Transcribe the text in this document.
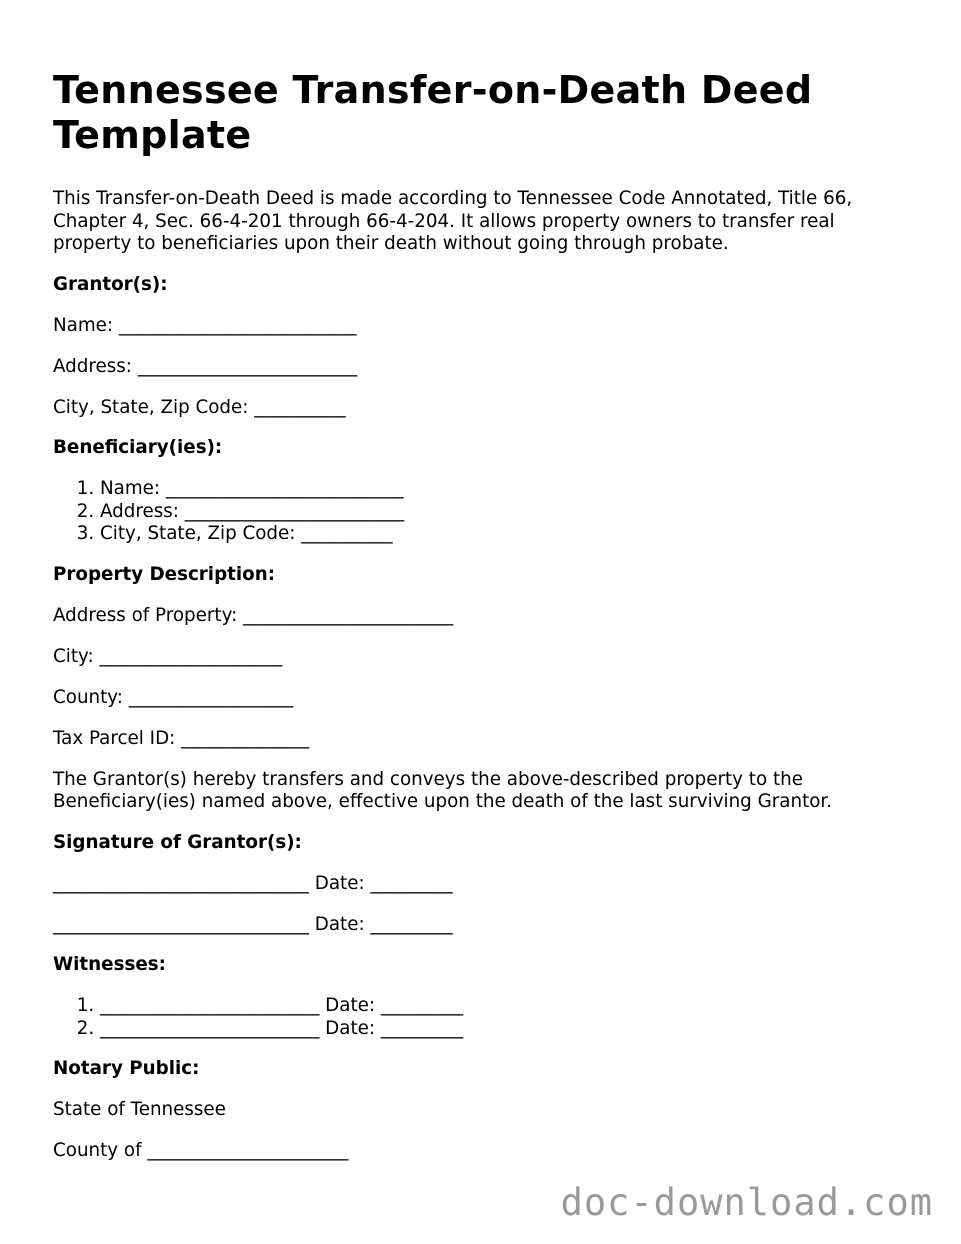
Tennessee Transfer-on-Death Deed Template

This Transfer-on-Death Deed is made according to Tennessee Code Annotated, Title 66, Chapter 4, Sec. 66-4-201 through 66-4-204. It allows property owners to transfer real property to beneficiaries upon their death without going through probate.

Grantor(s):
Name: __________________________
Address: ________________________
City, State, Zip Code: __________
Beneficiary(ies):
1. Name: __________________________
2. Address: ________________________
3. City, State, Zip Code: __________
Property Description:
Address of Property: _______________________
City: ____________________
County: __________________
Tax Parcel ID: ______________

The Grantor(s) hereby transfers and conveys the above-described property to the Beneficiary(ies) named above, effective upon the death of the last surviving Grantor.

Signature of Grantor(s):
____________________________ Date: _________
____________________________ Date: _________
Witnesses:
1. ________________________ Date: _________
2. ________________________ Date: _________
Notary Public:
State of Tennessee
County of ______________________
doc-download.com
